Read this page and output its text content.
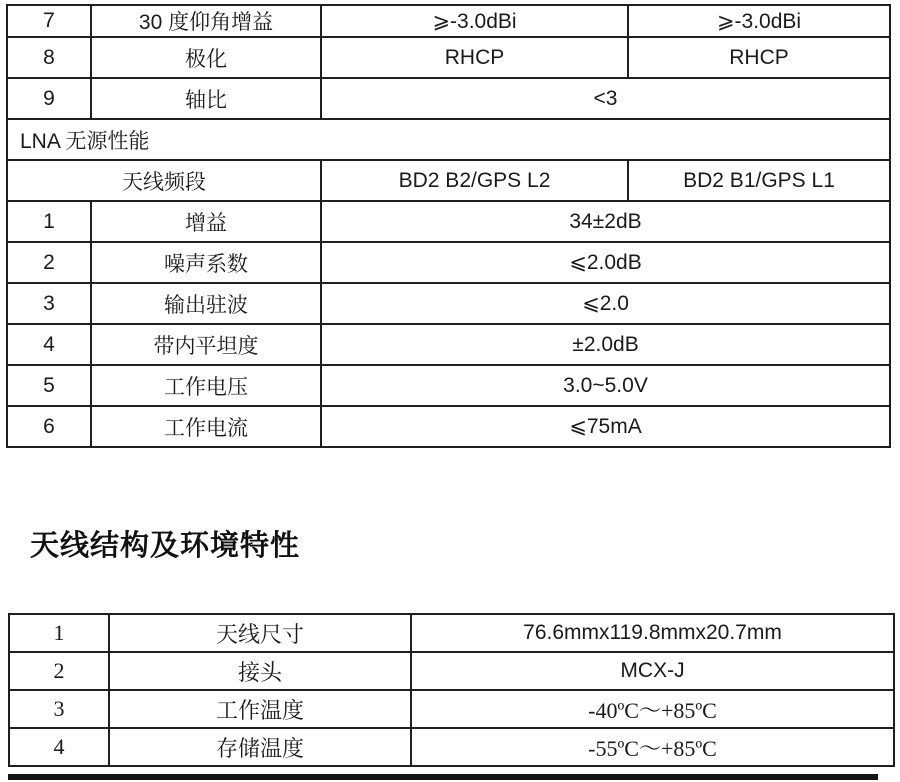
7	30 度仰角增益	⩾-3.0dBi	⩾-3.0dBi
8	极化	RHCP	RHCP
9	轴比	<3	
LNA 无源性能			
天线频段		BD2 B2/GPS L2	BD2 B1/GPS L1
1	增益	34±2dB	
2	噪声系数	⩽2.0dB	
3	输出驻波	⩽2.0	
4	带内平坦度	±2.0dB	
5	工作电压	3.0~5.0V	
6	工作电流	⩽75mA	
天线结构及环境特性
1	天线尺寸	76.6mmx119.8mmx20.7mm
2	接头	MCX-J
3	工作温度	-40ºC～+85ºC
4	存储温度	-55ºC～+85ºC
